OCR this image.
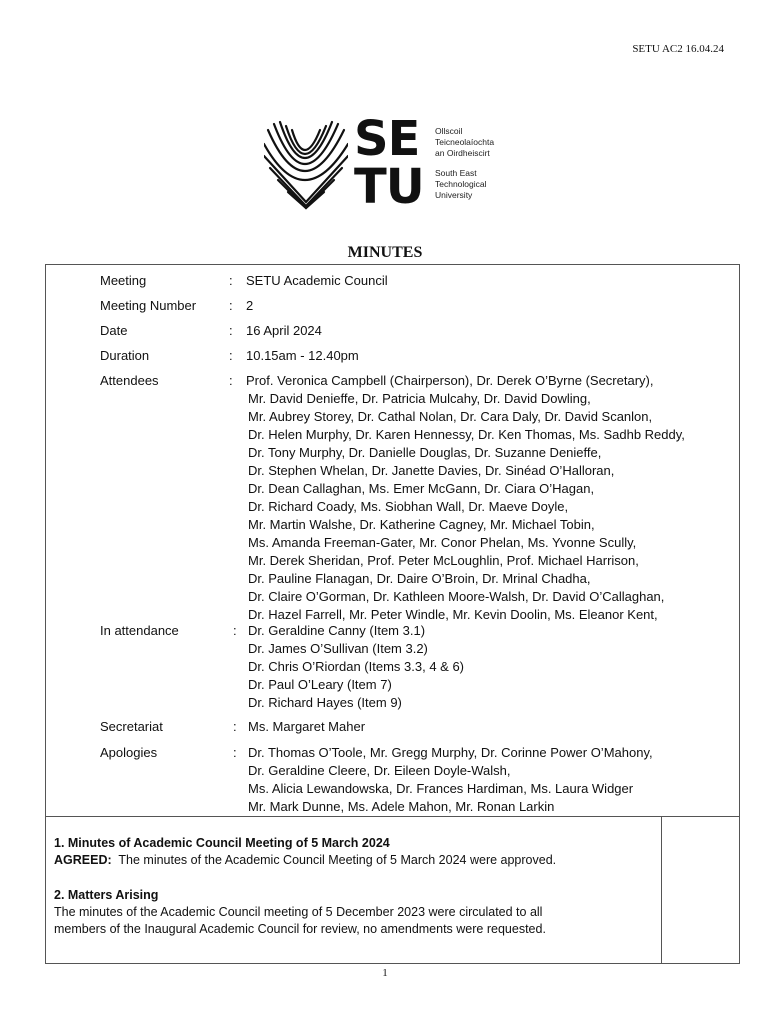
SETU AC2 16.04.24
SE
TU
Ollscoil
Teicneolaíochta
an Oirdheiscirt
South East
Technological
University
MINUTES
Meeting	: SETU Academic Council
Meeting Number	: 2
Date	: 16 April 2024
Duration	: 10.15am - 12.40pm
Attendees	: Prof. Veronica Campbell (Chairperson), Dr. Derek O’Byrne (Secretary),
Mr. David Denieffe, Dr. Patricia Mulcahy, Dr. David Dowling,
Mr. Aubrey Storey, Dr. Cathal Nolan, Dr. Cara Daly, Dr. David Scanlon,
Dr. Helen Murphy, Dr. Karen Hennessy, Dr. Ken Thomas, Ms. Sadhb Reddy,
Dr. Tony Murphy, Dr. Danielle Douglas, Dr. Suzanne Denieffe,
Dr. Stephen Whelan, Dr. Janette Davies, Dr. Sinéad O’Halloran,
Dr. Dean Callaghan, Ms. Emer McGann, Dr. Ciara O’Hagan,
Dr. Richard Coady, Ms. Siobhan Wall, Dr. Maeve Doyle,
Mr. Martin Walshe, Dr. Katherine Cagney, Mr. Michael Tobin,
Ms. Amanda Freeman-Gater, Mr. Conor Phelan, Ms. Yvonne Scully,
Mr. Derek Sheridan, Prof. Peter McLoughlin, Prof. Michael Harrison,
Dr. Pauline Flanagan, Dr. Daire O’Broin, Dr. Mrinal Chadha,
Dr. Claire O’Gorman, Dr. Kathleen Moore-Walsh, Dr. David O’Callaghan,
Dr. Hazel Farrell, Mr. Peter Windle, Mr. Kevin Doolin, Ms. Eleanor Kent,
In attendance	: Dr. Geraldine Canny (Item 3.1)
Dr. James O’Sullivan (Item 3.2)
Dr. Chris O’Riordan (Items 3.3, 4 & 6)
Dr. Paul O’Leary (Item 7)
Dr. Richard Hayes (Item 9)
Secretariat	: Ms. Margaret Maher
Apologies	: Dr. Thomas O’Toole, Mr. Gregg Murphy, Dr. Corinne Power O’Mahony,
Dr. Geraldine Cleere, Dr. Eileen Doyle-Walsh,
Ms. Alicia Lewandowska, Dr. Frances Hardiman, Ms. Laura Widger
Mr. Mark Dunne, Ms. Adele Mahon, Mr. Ronan Larkin
1. Minutes of Academic Council Meeting of 5 March 2024
AGREED: The minutes of the Academic Council Meeting of 5 March 2024 were approved.
2. Matters Arising
The minutes of the Academic Council meeting of 5 December 2023 were circulated to all
members of the Inaugural Academic Council for review, no amendments were requested.
1
